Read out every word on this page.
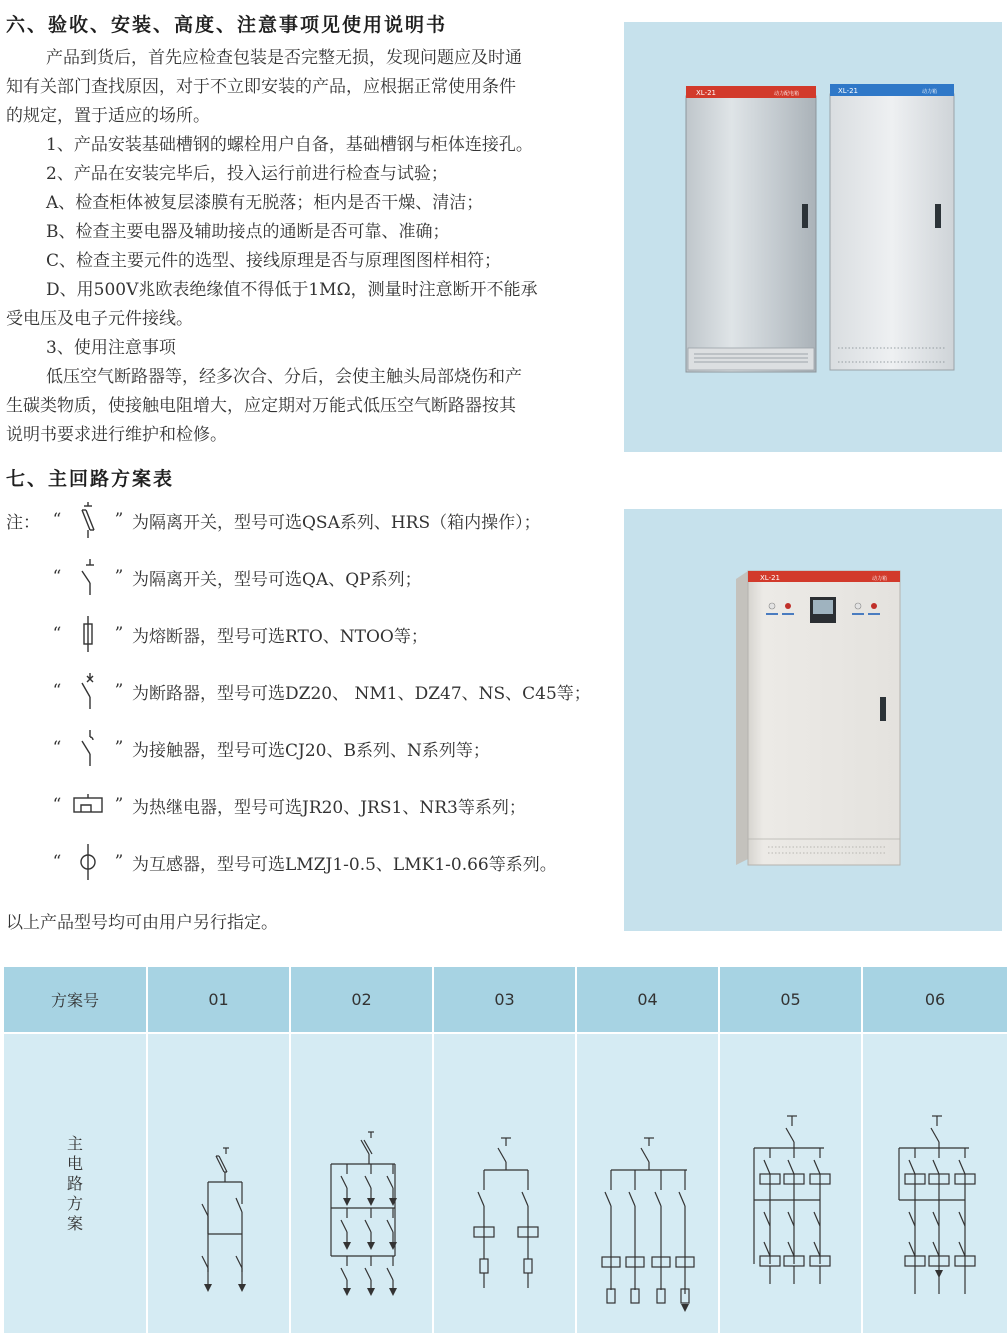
六、验收、安装、高度、注意事项见使用说明书

产品到货后，首先应检查包装是否完整无损，发现问题应及时通

知有关部门查找原因，对于不立即安装的产品，应根据正常使用条件

的规定，置于适应的场所。

1、产品安装基础槽钢的螺栓用户自备，基础槽钢与柜体连接孔。

2、产品在安装完毕后，投入运行前进行检查与试验；

A、检查柜体被复层漆膜有无脱落；柜内是否干燥、清洁；

B、检查主要电器及辅助接点的通断是否可靠、准确；

C、检查主要元件的选型、接线原理是否与原理图图样相符；

D、用500V兆欧表绝缘值不得低于1MΩ，测量时注意断开不能承

受电压及电子元件接线。

3、使用注意事项

低压空气断路器等，经多次合、分后，会使主触头局部烧伤和产

生碳类物质，使接触电阻增大，应定期对万能式低压空气断路器按其

说明书要求进行维护和检修。

七、主回路方案表
注： “	” 为隔离开关，型号可选QSA系列、HRS（箱内操作）；
“	” 为隔离开关，型号可选QA、QP系列；
“	” 为熔断器，型号可选RTO、NTOO等；
“	” 为断路器，型号可选DZ20、 NM1、DZ47、NS、C45等；
“	” 为接触器，型号可选CJ20、B系列、N系列等；
“	” 为热继电器，型号可选JR20、JRS1、NR3等系列；
“	” 为互感器，型号可选LMZJ1-0.5、LMK1-0.66等系列。
以上产品型号均可由用户另行指定。
XL-21	动力配电箱	XL-21	动力箱
XL-21	动力箱
方案号	01	02	03	04	05	06

主
电
路
方
案
